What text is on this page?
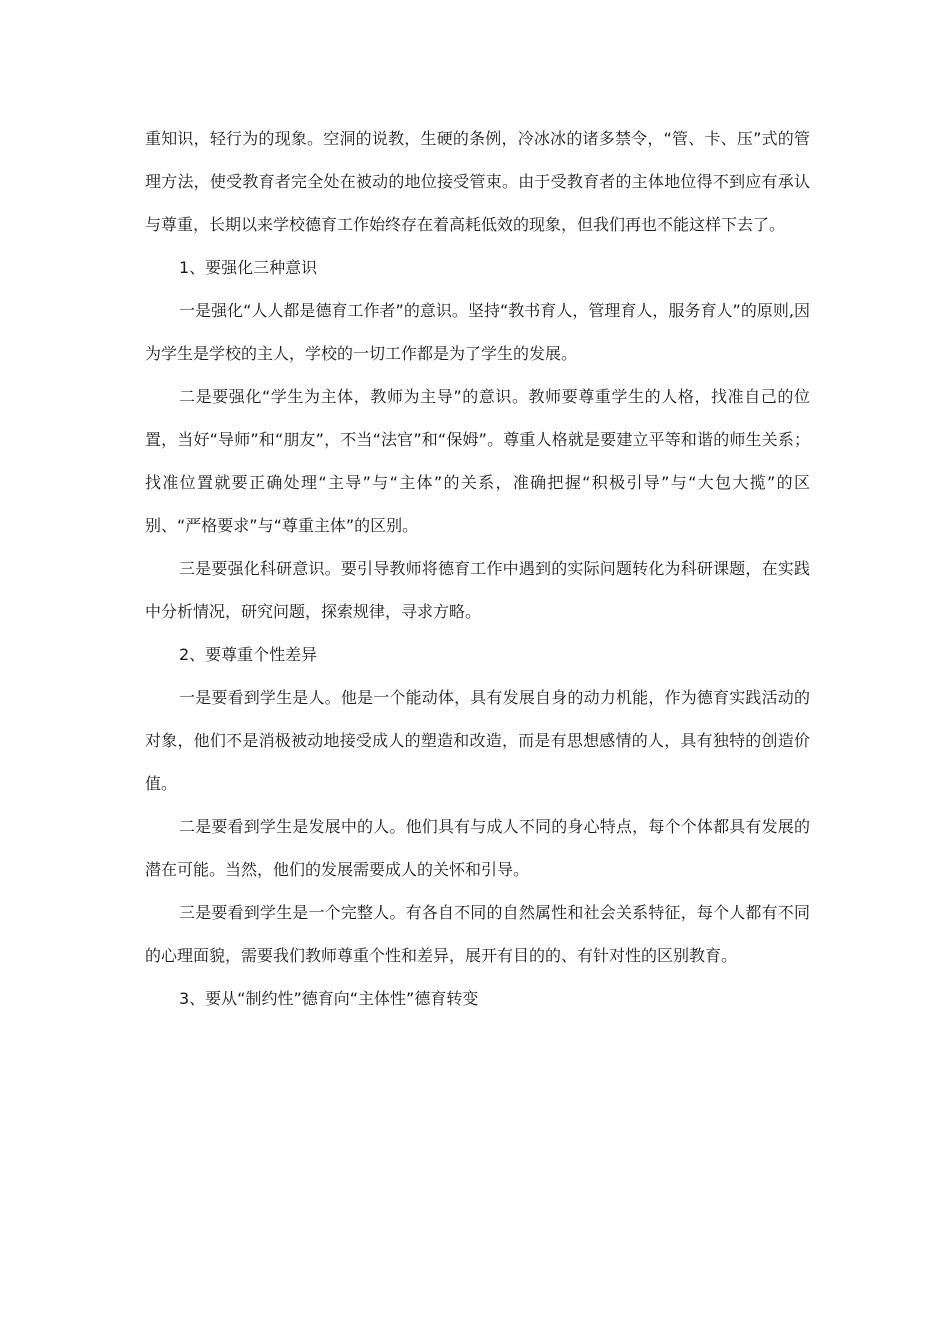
重知识，轻行为的现象。空洞的说教，生硬的条例，冷冰冰的诸多禁令，“管、卡、压”式的管理方法，使受教育者完全处在被动的地位接受管束。由于受教育者的主体地位得不到应有承认与尊重，长期以来学校德育工作始终存在着高耗低效的现象，但我们再也不能这样下去了。

1、要强化三种意识

一是强化“人人都是德育工作者”的意识。坚持“教书育人，管理育人，服务育人”的原则,因为学生是学校的主人，学校的一切工作都是为了学生的发展。

二是要强化“学生为主体，教师为主导”的意识。教师要尊重学生的人格，找准自己的位置，当好“导师”和“朋友”，不当“法官”和“保姆”。尊重人格就是要建立平等和谐的师生关系；找准位置就要正确处理“主导”与“主体”的关系，准确把握“积极引导”与“大包大揽”的区别、“严格要求”与“尊重主体”的区别。

三是要强化科研意识。要引导教师将德育工作中遇到的实际问题转化为科研课题，在实践中分析情况，研究问题，探索规律，寻求方略。

2、要尊重个性差异

一是要看到学生是人。他是一个能动体，具有发展自身的动力机能，作为德育实践活动的对象，他们不是消极被动地接受成人的塑造和改造，而是有思想感情的人，具有独特的创造价值。

二是要看到学生是发展中的人。他们具有与成人不同的身心特点，每个个体都具有发展的潜在可能。当然，他们的发展需要成人的关怀和引导。

三是要看到学生是一个完整人。有各自不同的自然属性和社会关系特征，每个人都有不同的心理面貌，需要我们教师尊重个性和差异，展开有目的的、有针对性的区别教育。

3、要从“制约性”德育向“主体性”德育转变
